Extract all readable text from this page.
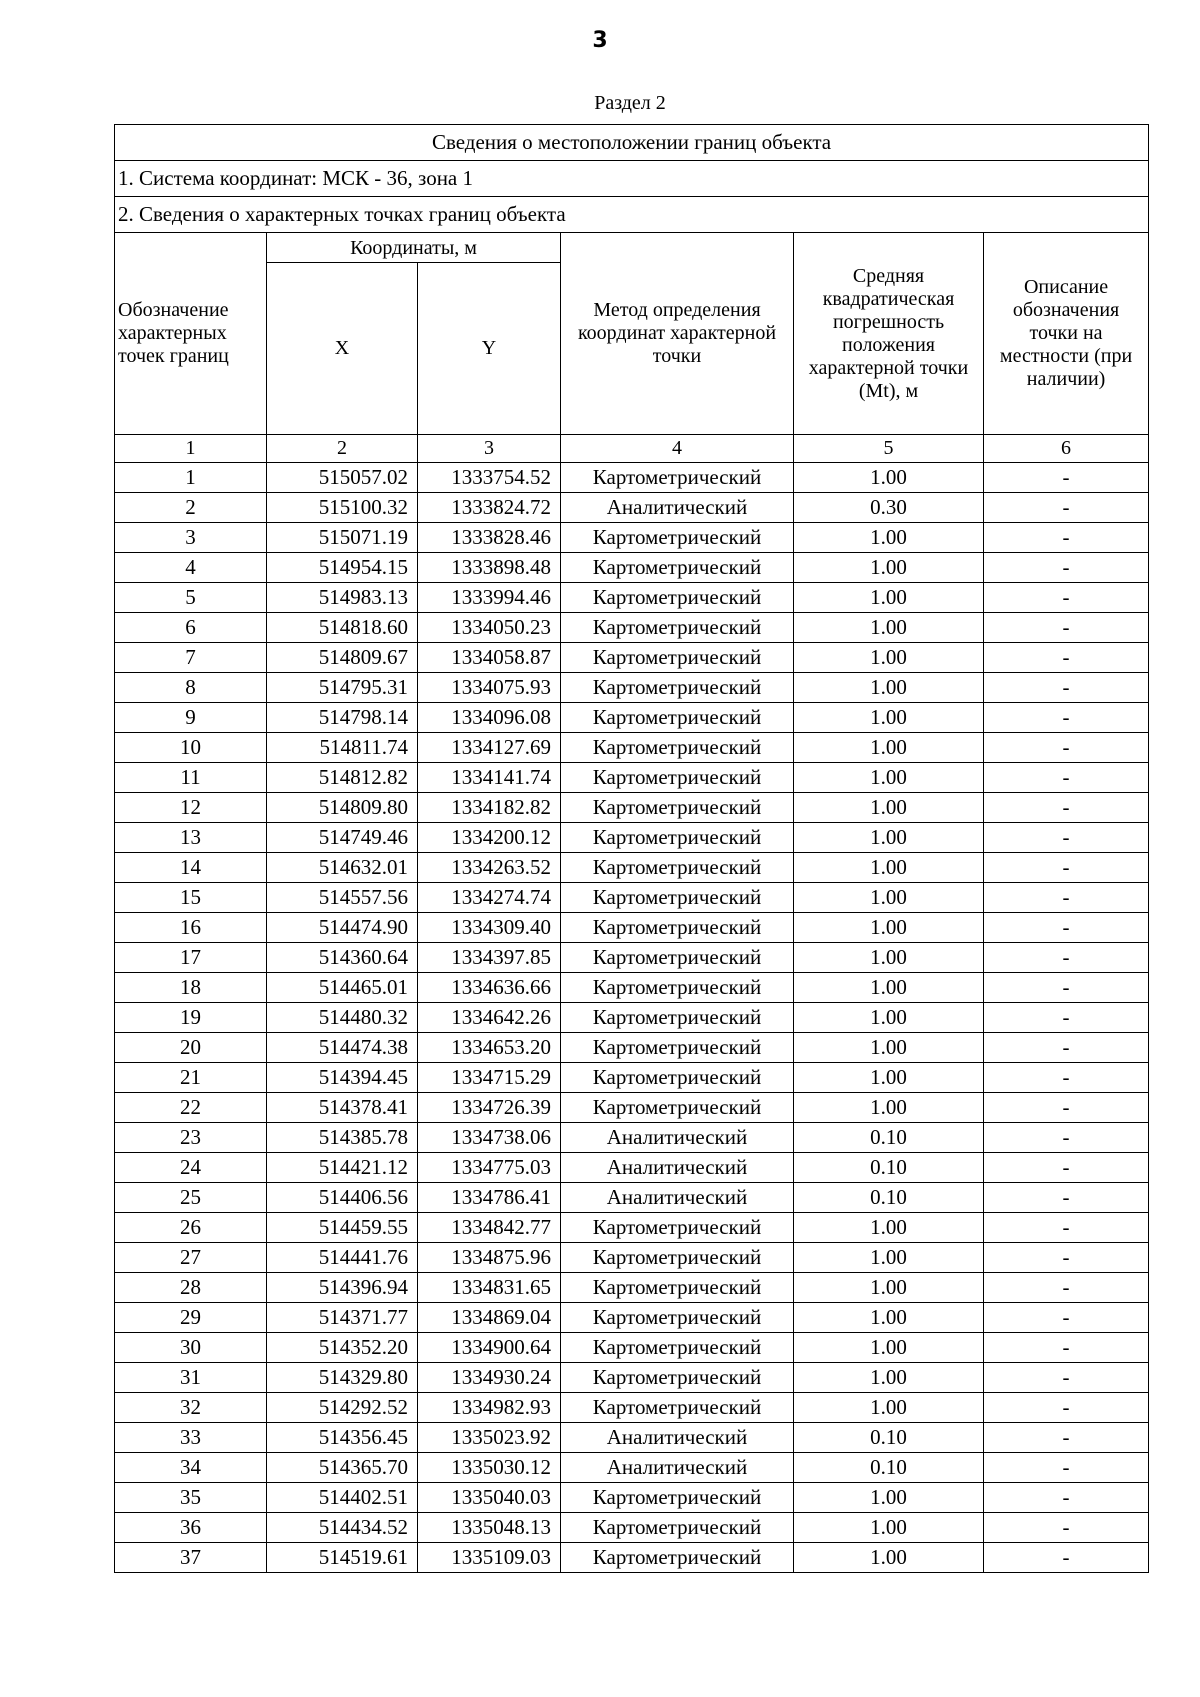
3
Раздел 2
Сведения о местоположении границ объекта					
1. Система координат: МСК - 36, зона 1					
2. Сведения о характерных точках границ объекта					
Обозначение характерных точек границ	Координаты, м		Метод определения координат характерной точки	Средняя квадратическая погрешность положения характерной точки (Mt), м	Описание обозначения точки на местности (при наличии)
	X	Y			
1	2	3	4	5	6
1	515057.02	1333754.52	Картометрический	1.00	-
2	515100.32	1333824.72	Аналитический	0.30	-
3	515071.19	1333828.46	Картометрический	1.00	-
4	514954.15	1333898.48	Картометрический	1.00	-
5	514983.13	1333994.46	Картометрический	1.00	-
6	514818.60	1334050.23	Картометрический	1.00	-
7	514809.67	1334058.87	Картометрический	1.00	-
8	514795.31	1334075.93	Картометрический	1.00	-
9	514798.14	1334096.08	Картометрический	1.00	-
10	514811.74	1334127.69	Картометрический	1.00	-
11	514812.82	1334141.74	Картометрический	1.00	-
12	514809.80	1334182.82	Картометрический	1.00	-
13	514749.46	1334200.12	Картометрический	1.00	-
14	514632.01	1334263.52	Картометрический	1.00	-
15	514557.56	1334274.74	Картометрический	1.00	-
16	514474.90	1334309.40	Картометрический	1.00	-
17	514360.64	1334397.85	Картометрический	1.00	-
18	514465.01	1334636.66	Картометрический	1.00	-
19	514480.32	1334642.26	Картометрический	1.00	-
20	514474.38	1334653.20	Картометрический	1.00	-
21	514394.45	1334715.29	Картометрический	1.00	-
22	514378.41	1334726.39	Картометрический	1.00	-
23	514385.78	1334738.06	Аналитический	0.10	-
24	514421.12	1334775.03	Аналитический	0.10	-
25	514406.56	1334786.41	Аналитический	0.10	-
26	514459.55	1334842.77	Картометрический	1.00	-
27	514441.76	1334875.96	Картометрический	1.00	-
28	514396.94	1334831.65	Картометрический	1.00	-
29	514371.77	1334869.04	Картометрический	1.00	-
30	514352.20	1334900.64	Картометрический	1.00	-
31	514329.80	1334930.24	Картометрический	1.00	-
32	514292.52	1334982.93	Картометрический	1.00	-
33	514356.45	1335023.92	Аналитический	0.10	-
34	514365.70	1335030.12	Аналитический	0.10	-
35	514402.51	1335040.03	Картометрический	1.00	-
36	514434.52	1335048.13	Картометрический	1.00	-
37	514519.61	1335109.03	Картометрический	1.00	-
